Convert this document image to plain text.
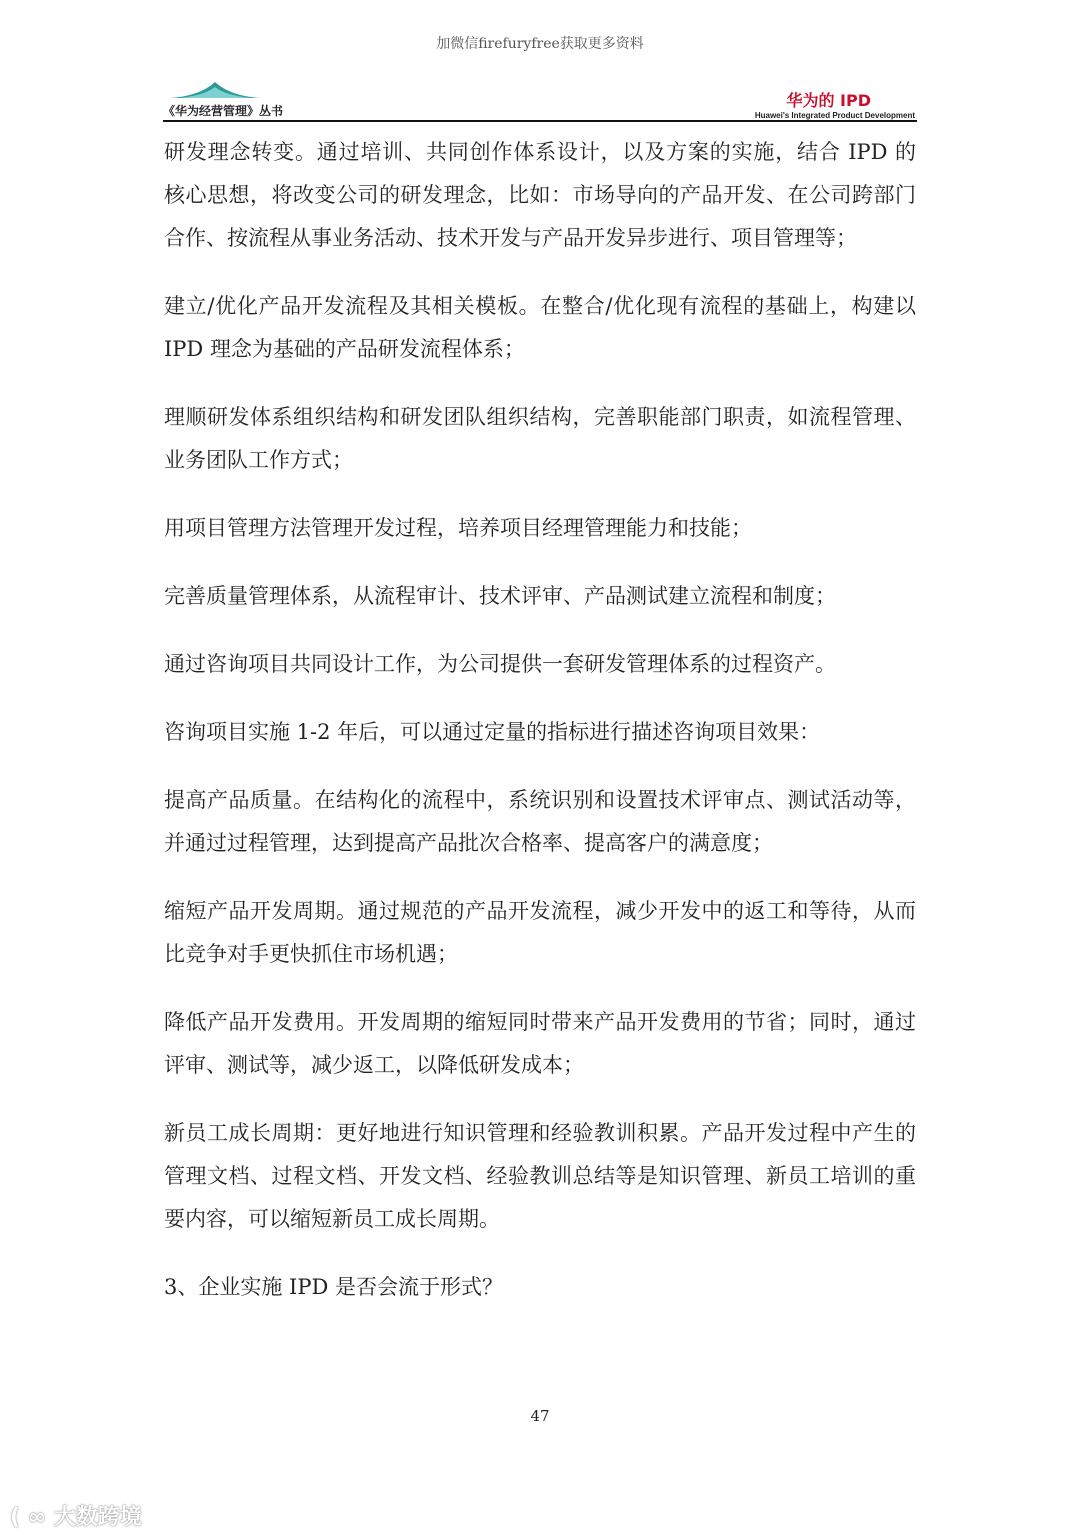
加微信firefuryfree获取更多资料
《华为经营管理》丛书
华为的 IPD
Huawei's Integrated Product Development
研发理念转变。通过培训、共同创作体系设计，以及方案的实施，结合 IPD 的
核心思想，将改变公司的研发理念，比如：市场导向的产品开发、在公司跨部门
合作、按流程从事业务活动、技术开发与产品开发异步进行、项目管理等；
建立/优化产品开发流程及其相关模板。在整合/优化现有流程的基础上，构建以
IPD 理念为基础的产品研发流程体系；
理顺研发体系组织结构和研发团队组织结构，完善职能部门职责，如流程管理、
业务团队工作方式；
用项目管理方法管理开发过程，培养项目经理管理能力和技能；
完善质量管理体系，从流程审计、技术评审、产品测试建立流程和制度；
通过咨询项目共同设计工作，为公司提供一套研发管理体系的过程资产。
咨询项目实施 1-2 年后，可以通过定量的指标进行描述咨询项目效果：
提高产品质量。在结构化的流程中，系统识别和设置技术评审点、测试活动等，
并通过过程管理，达到提高产品批次合格率、提高客户的满意度；
缩短产品开发周期。通过规范的产品开发流程，减少开发中的返工和等待，从而
比竞争对手更快抓住市场机遇；
降低产品开发费用。开发周期的缩短同时带来产品开发费用的节省；同时，通过
评审、测试等，减少返工，以降低研发成本；
新员工成长周期：更好地进行知识管理和经验教训积累。产品开发过程中产生的
管理文档、过程文档、开发文档、经验教训总结等是知识管理、新员工培训的重
要内容，可以缩短新员工成长周期。
3、企业实施 IPD 是否会流于形式？
47
( ∞ 大数跨境
